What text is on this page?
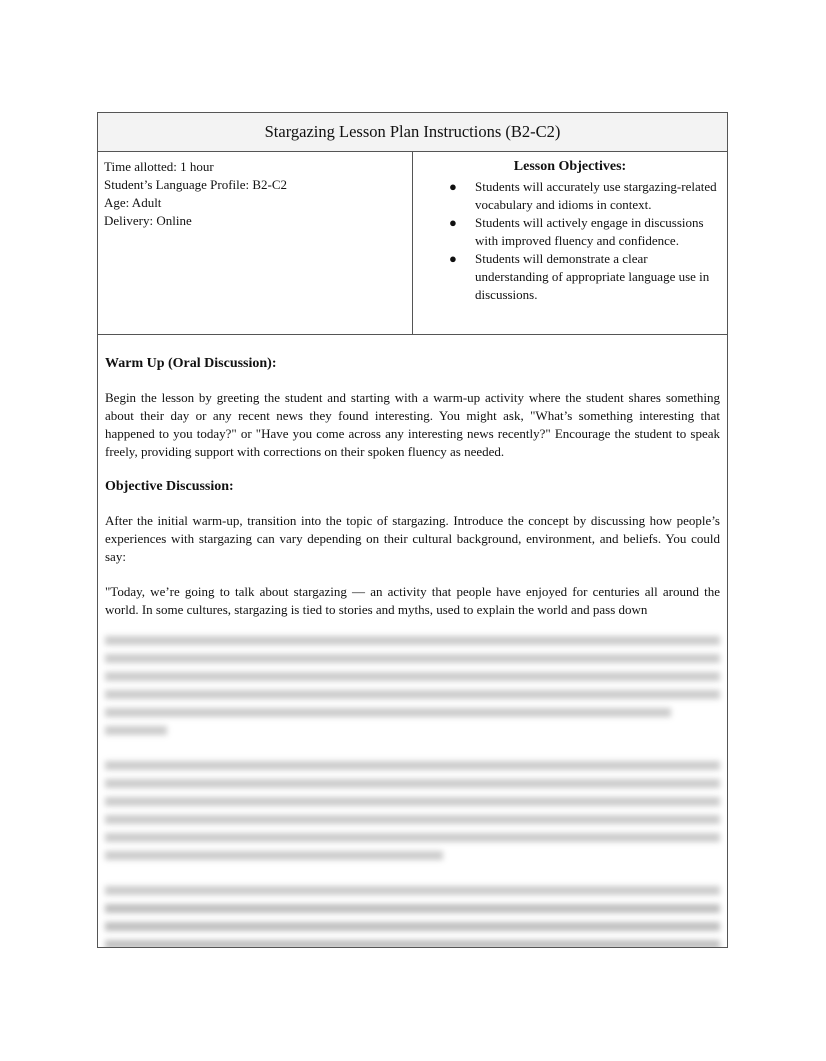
Stargazing Lesson Plan Instructions (B2-C2)
Time allotted: 1 hour
Student’s Language Profile: B2-C2
Age: Adult
Delivery: Online
Lesson Objectives:
● Students will accurately use stargazing-related vocabulary and idioms in context.
● Students will actively engage in discussions with improved fluency and confidence.
● Students will demonstrate a clear understanding of appropriate language use in discussions.
Warm Up (Oral Discussion):

Begin the lesson by greeting the student and starting with a warm-up activity where the student shares something about their day or any recent news they found interesting. You might ask, "What’s something interesting that happened to you today?" or "Have you come across any interesting news recently?" Encourage the student to speak freely, providing support with corrections on their spoken fluency as needed.

Objective Discussion:

After the initial warm-up, transition into the topic of stargazing. Introduce the concept by discussing how people’s experiences with stargazing can vary depending on their cultural background, environment, and beliefs. You could say:

"Today, we’re going to talk about stargazing — an activity that people have enjoyed for centuries all around the world. In some cultures, stargazing is tied to stories and myths, used to explain the world and pass down
